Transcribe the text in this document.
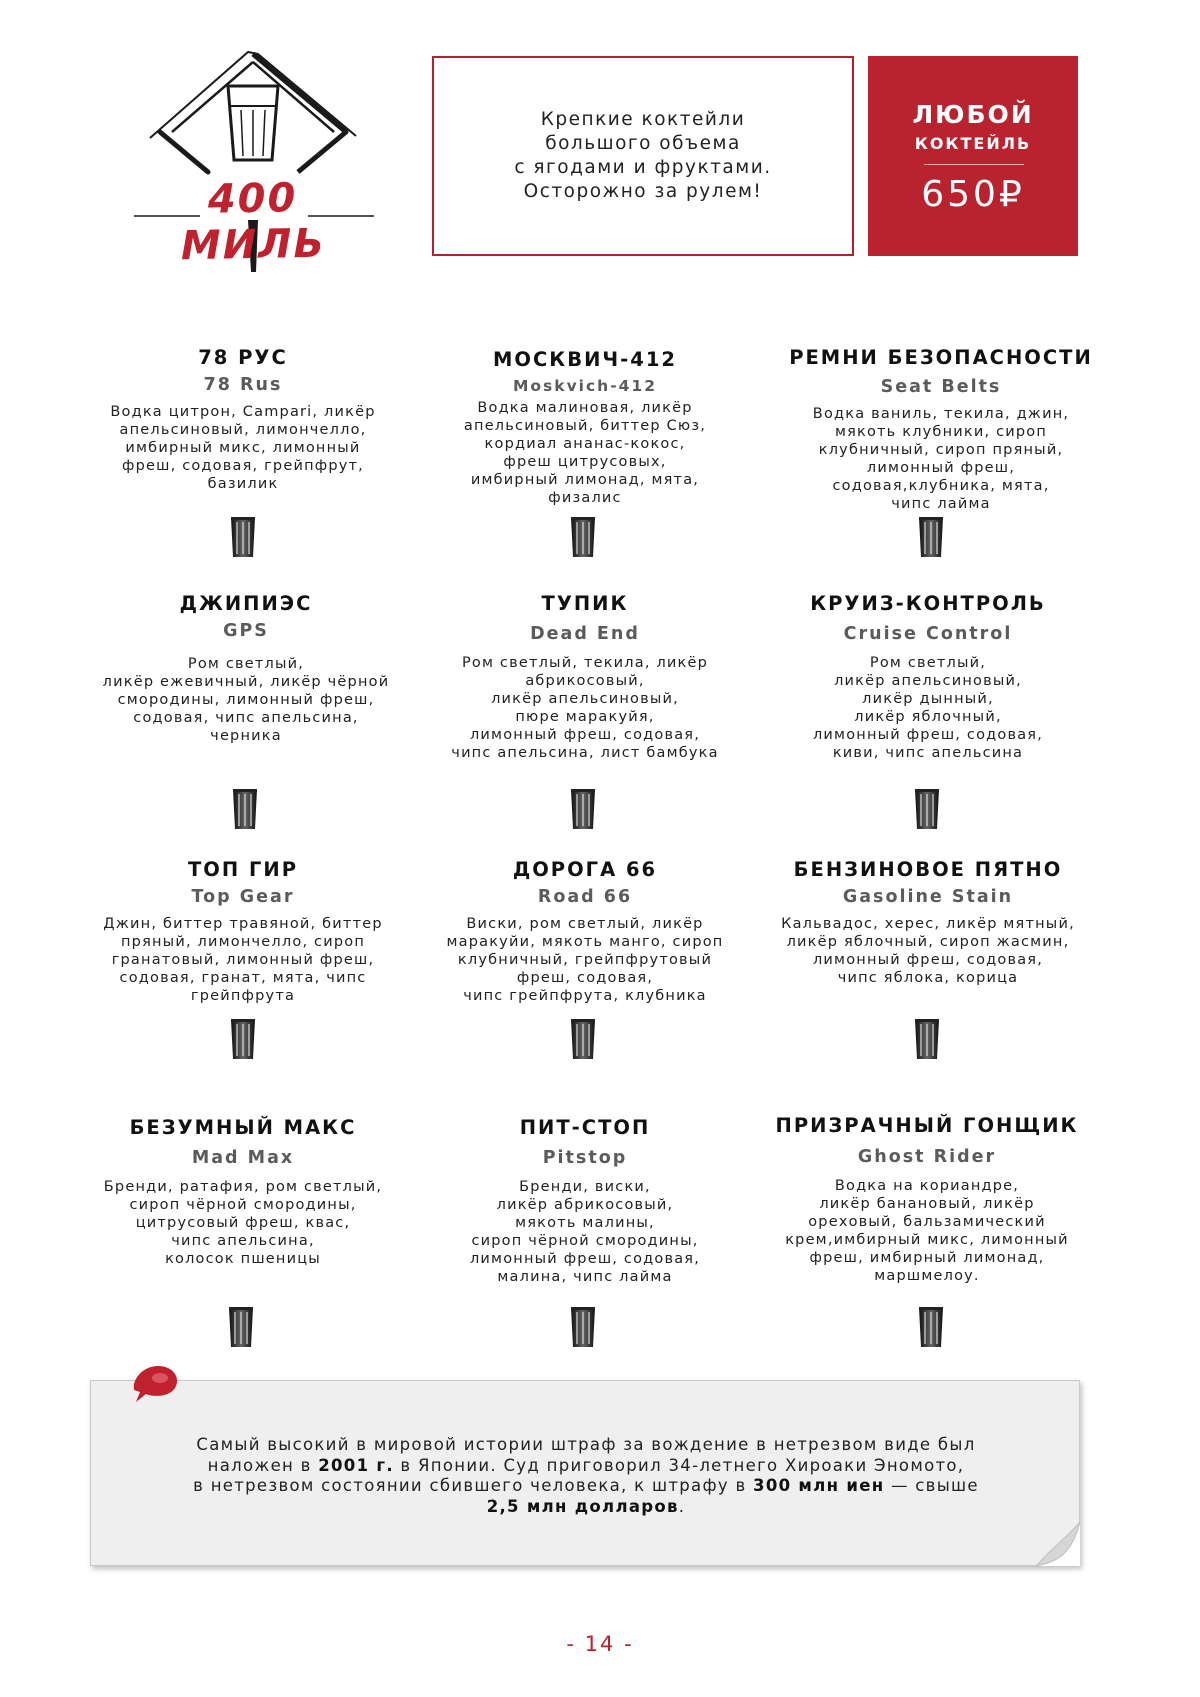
400 МИЛЬ
Крепкие коктейли
большого объема
с ягодами и фруктами.
Осторожно за рулем!
ЛЮБОЙ
КОКТЕЙЛЬ
650₽
78 РУС
78 Rus
Водка цитрон, Campari, ликёр
апельсиновый, лимончелло,
имбирный микс, лимонный
фреш, содовая, грейпфрут,
базилик
МОСКВИЧ-412
Moskvich-412
Водка малиновая, ликёр
апельсиновый, биттер Сюз,
кордиал ананас-кокос,
фреш цитрусовых,
имбирный лимонад, мята,
физалис
РЕМНИ БЕЗОПАСНОСТИ
Seat Belts
Водка ваниль, текила, джин,
мякоть клубники, сироп
клубничный, сироп пряный,
лимонный фреш,
содовая,клубника, мята,
чипс лайма
ДЖИПИЭС
GPS
Ром светлый,
ликёр ежевичный, ликёр чёрной
смородины, лимонный фреш,
содовая, чипс апельсина,
черника
ТУПИК
Dead End
Ром светлый, текила, ликёр
абрикосовый,
ликёр апельсиновый,
пюре маракуйя,
лимонный фреш, содовая,
чипс апельсина, лист бамбука
КРУИЗ-КОНТРОЛЬ
Cruise Control
Ром светлый,
ликёр апельсиновый,
ликёр дынный,
ликёр яблочный,
лимонный фреш, содовая,
киви, чипс апельсина
ТОП ГИР
Top Gear
Джин, биттер травяной, биттер
пряный, лимончелло, сироп
гранатовый, лимонный фреш,
содовая, гранат, мята, чипс
грейпфрута
ДОРОГА 66
Road 66
Виски, ром светлый, ликёр
маракуйи, мякоть манго, сироп
клубничный, грейпфрутовый
фреш, содовая,
чипс грейпфрута, клубника
БЕНЗИНОВОЕ ПЯТНО
Gasoline Stain
Кальвадос, херес, ликёр мятный,
ликёр яблочный, сироп жасмин,
лимонный фреш, содовая,
чипс яблока, корица
БЕЗУМНЫЙ МАКС
Mad Max
Бренди, ратафия, ром светлый,
сироп чёрной смородины,
цитрусовый фреш, квас,
чипс апельсина,
колосок пшеницы
ПИТ-СТОП
Pitstop
Бренди, виски,
ликёр абрикосовый,
мякоть малины,
сироп чёрной смородины,
лимонный фреш, содовая,
малина, чипс лайма
ПРИЗРАЧНЫЙ ГОНЩИК
Ghost Rider
Водка на кориандре,
ликёр банановый, ликёр
ореховый, бальзамический
крем,имбирный микс, лимонный
фреш, имбирный лимонад,
маршмелоу.
Самый высокий в мировой истории штраф за вождение в нетрезвом виде был
наложен в 2001 г. в Японии. Суд приговорил 34-летнего Хироаки Эномото,
в нетрезвом состоянии сбившего человека, к штрафу в 300 млн иен — свыше
2,5 млн долларов.
- 14 -
